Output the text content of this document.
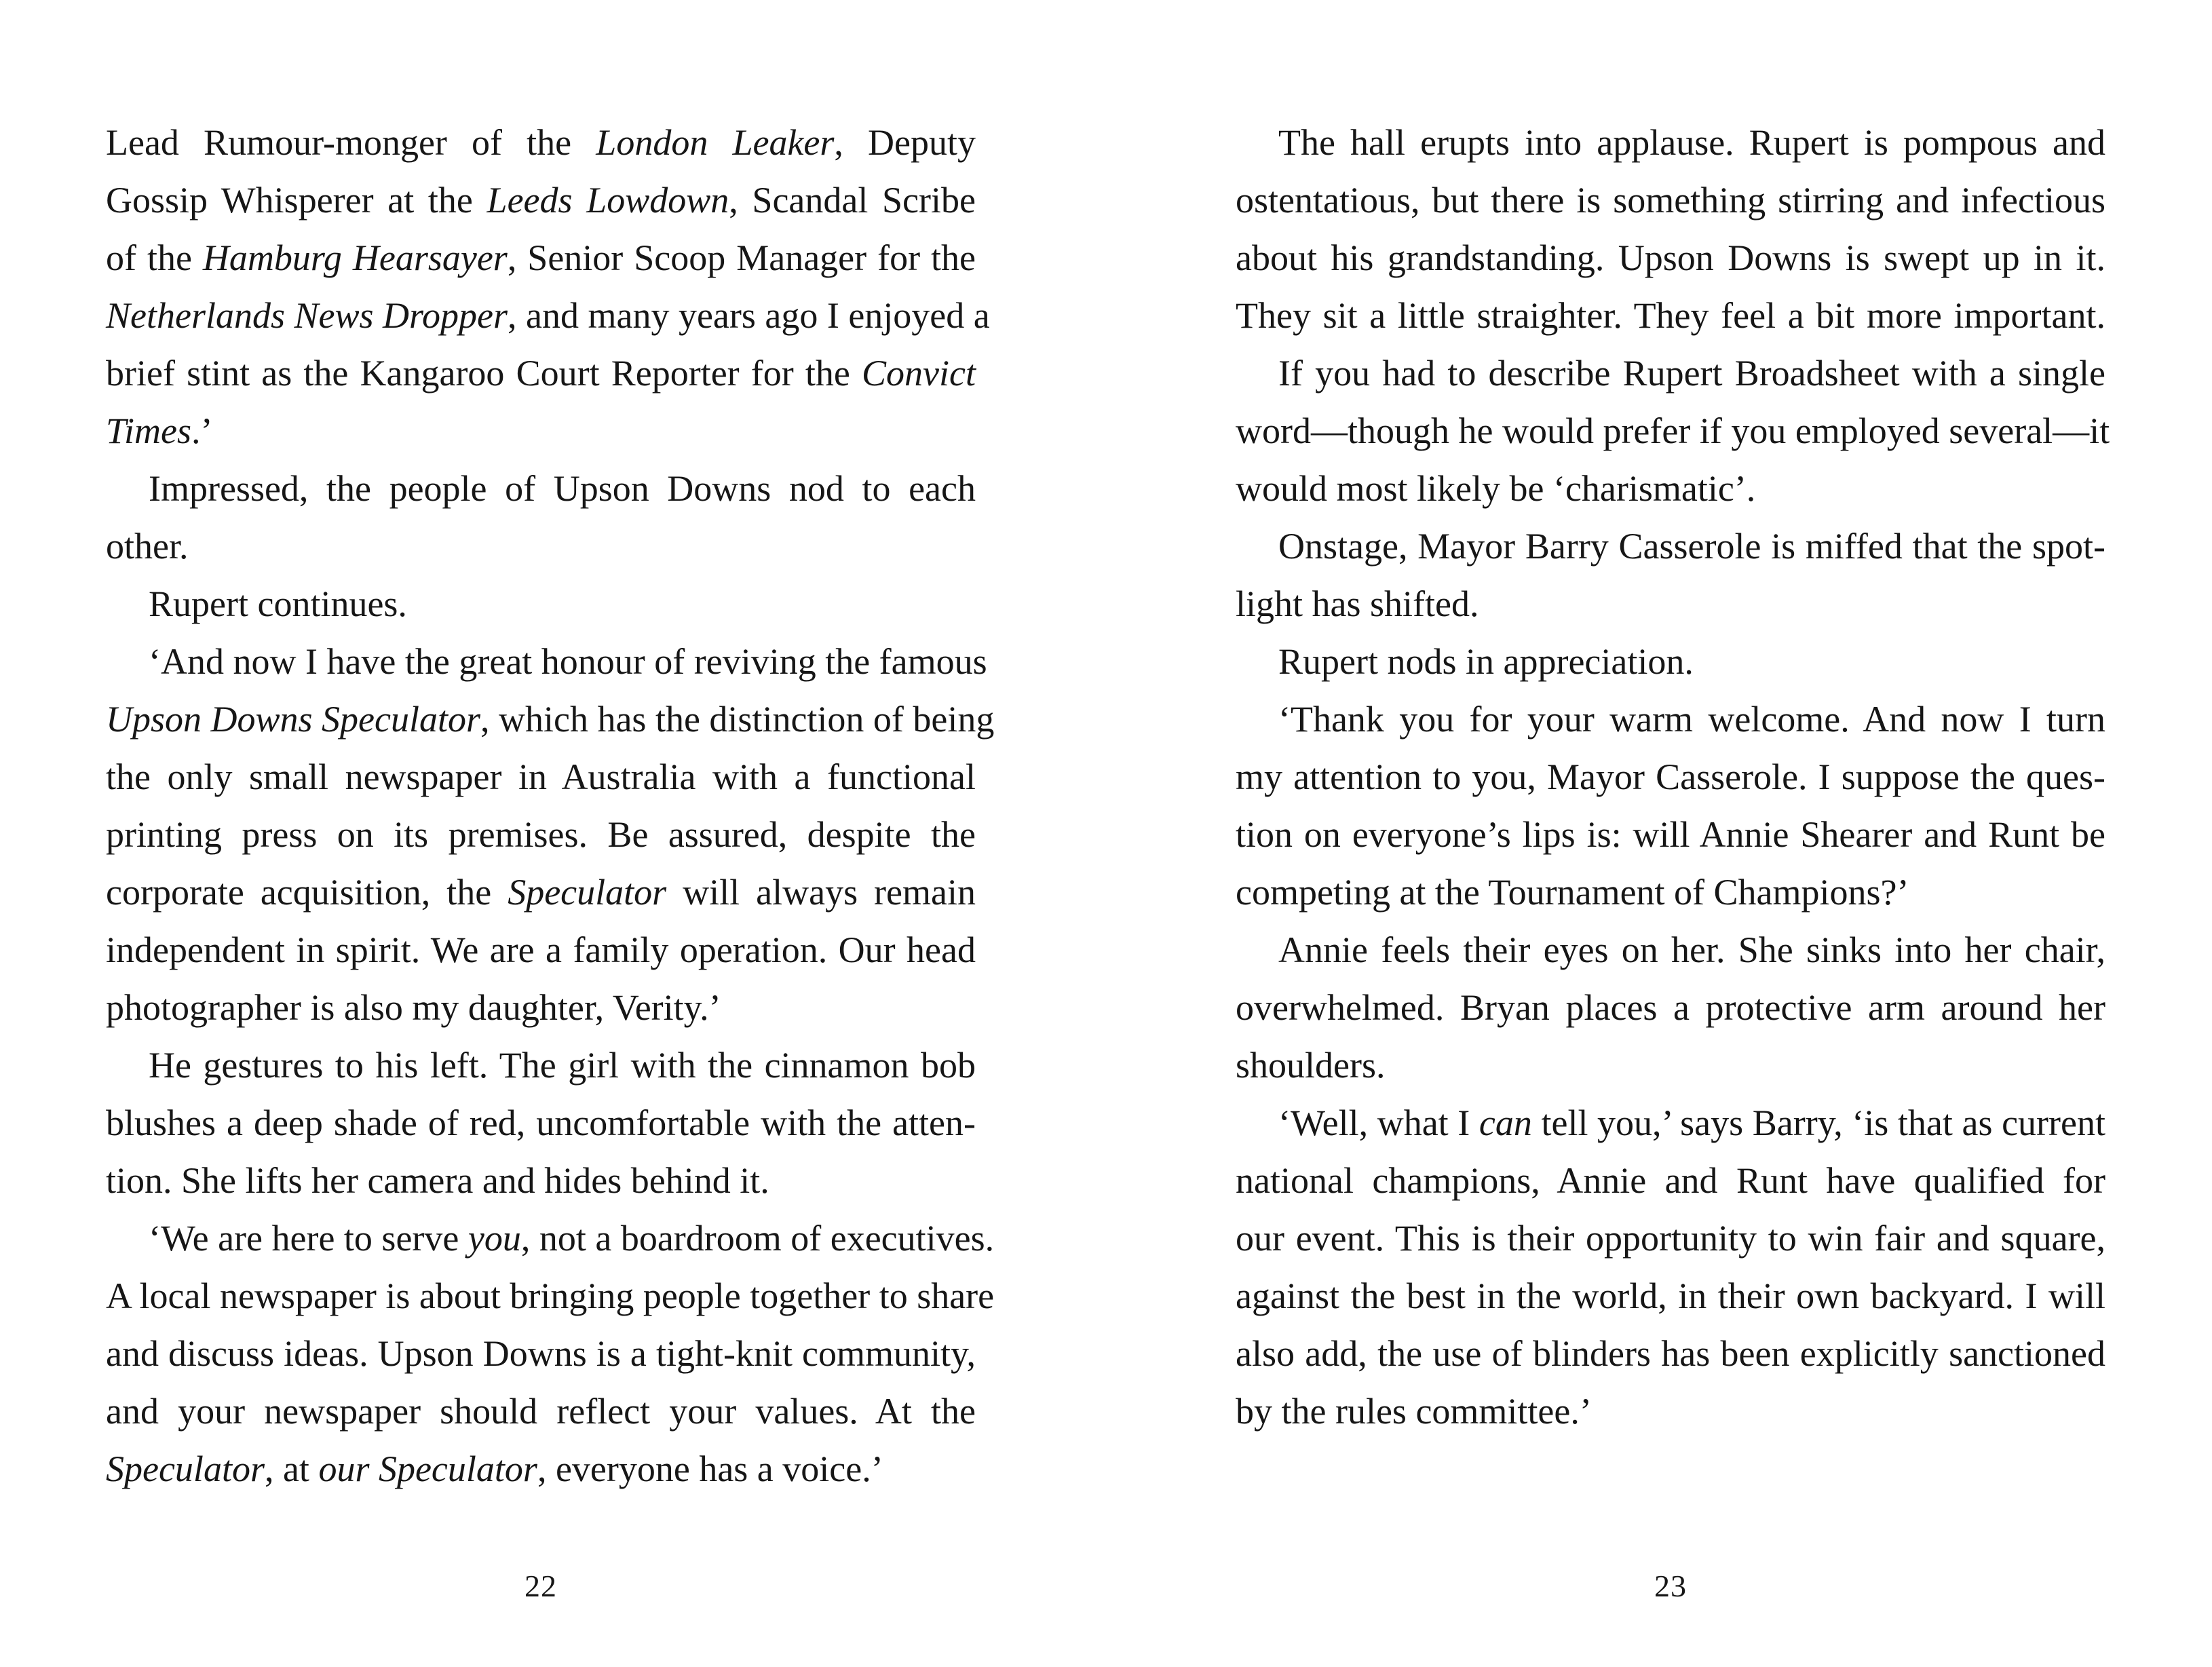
Lead Rumour-monger of the London Leaker, Deputy
Gossip Whisperer at the Leeds Lowdown, Scandal Scribe
of the Hamburg Hearsayer, Senior Scoop Manager for the
Netherlands News Dropper, and many years ago I enjoyed a
brief stint as the Kangaroo Court Reporter for the Convict
Times.’
Impressed, the people of Upson Downs nod to each
other.
Rupert continues.
‘And now I have the great honour of reviving the famous
Upson Downs Speculator, which has the distinction of being
the only small newspaper in Australia with a functional
printing press on its premises. Be assured, despite the
corporate acquisition, the Speculator will always remain
independent in spirit. We are a family operation. Our head
photographer is also my daughter, Verity.’
He gestures to his left. The girl with the cinnamon bob
blushes a deep shade of red, uncomfortable with the atten-
tion. She lifts her camera and hides behind it.
‘We are here to serve you, not a boardroom of executives.
A local newspaper is about bringing people together to share
and discuss ideas. Upson Downs is a tight-knit community,
and your newspaper should reflect your values. At the
Speculator, at our Speculator, everyone has a voice.’
22
The hall erupts into applause. Rupert is pompous and
ostentatious, but there is something stirring and infectious
about his grandstanding. Upson Downs is swept up in it.
They sit a little straighter. They feel a bit more important.
If you had to describe Rupert Broadsheet with a single
word—though he would prefer if you employed several—it
would most likely be ‘charismatic’.
Onstage, Mayor Barry Casserole is miffed that the spot-
light has shifted.
Rupert nods in appreciation.
‘Thank you for your warm welcome. And now I turn
my attention to you, Mayor Casserole. I suppose the ques-
tion on everyone’s lips is: will Annie Shearer and Runt be
competing at the Tournament of Champions?’
Annie feels their eyes on her. She sinks into her chair,
overwhelmed. Bryan places a protective arm around her
shoulders.
‘Well, what I can tell you,’ says Barry, ‘is that as current
national champions, Annie and Runt have qualified for
our event. This is their opportunity to win fair and square,
against the best in the world, in their own backyard. I will
also add, the use of blinders has been explicitly sanctioned
by the rules committee.’
23
